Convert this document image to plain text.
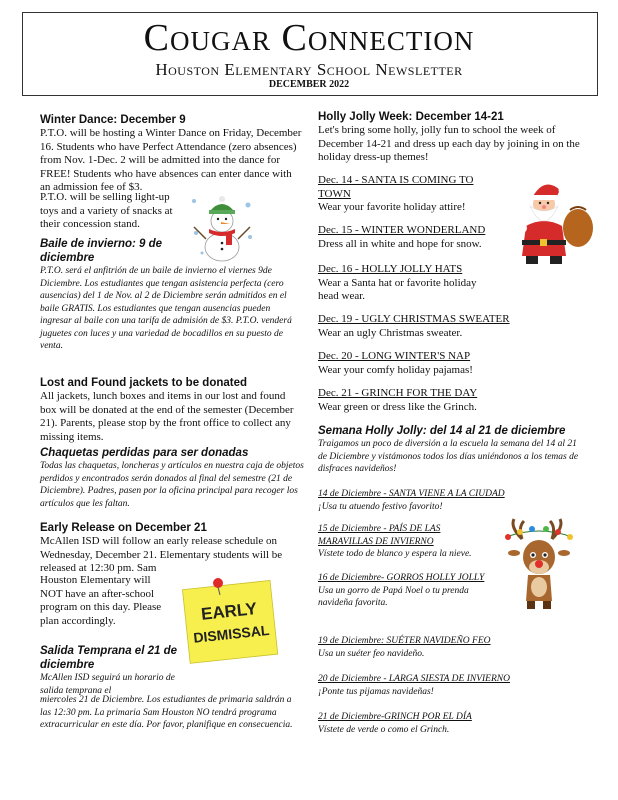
Cougar Connection
Houston Elementary School Newsletter
DECEMBER 2022

Winter Dance: December 9

P.T.O. will be hosting a Winter Dance on Friday, December 16. Students who have Perfect Attendance (zero absences) from Nov. 1-Dec. 2 will be admitted into the dance for FREE! Students who have absences can enter dance with an admission fee of $3.

P.T.O. will be selling light-up toys and a variety of snacks at their concession stand.

Baile de invierno: 9 de diciembre

P.T.O. será el anfitrión de un baile de invierno el viernes 9de Diciembre. Los estudiantes que tengan asistencia perfecta (cero ausencias) del 1 de Nov. al 2 de Diciembre serán admitidos en el baile GRATIS. Los estudiantes que tengan ausencias pueden ingresar al baile con una tarifa de admisión de $3. P.T.O. venderá juguetes con luces y una variedad de bocadillos en su puesto de venta.

Lost and Found jackets to be donated

All jackets, lunch boxes and items in our lost and found box will be donated at the end of the semester (December 21). Parents, please stop by the front office to collect any missing items.

Chaquetas perdidas para ser donadas

Todas las chaquetas, loncheras y artículos en nuestra caja de objetos perdidos y encontrados serán donados al final del semestre (21 de Diciembre). Padres, pasen por la oficina principal para recoger los artículos que les faltan.

Early Release on December 21

McAllen ISD will follow an early release schedule on Wednesday, December 21. Elementary students will be released at 12:30 pm. Sam

Houston Elementary will NOT have an after-school program on this day. Please plan accordingly.

Salida Temprana el 21 de diciembre

McAllen ISD seguirá un horario de salida temprana el

miercoles 21 de Diciembre. Los estudiantes de primaria saldrán a las 12:30 pm. La primaria Sam Houston NO tendrá programa extracurricular en este día. Por favor, planifique en consecuencia.
EARLY
DISMISSAL

Holly Jolly Week: December 14-21

Let's bring some holly, jolly fun to school the week of December 14-21 and dress up each day by joining in on the holiday dress-up themes!

Dec. 14 - SANTA IS COMING TO TOWN

Wear your favorite holiday attire!

Dec. 15 - WINTER WONDERLAND

Dress all in white and hope for snow.

Dec. 16 - HOLLY JOLLY HATS

Wear a Santa hat or favorite holiday head wear.

Dec. 19 - UGLY CHRISTMAS SWEATER

Wear an ugly Christmas sweater.

Dec. 20 - LONG WINTER'S NAP

Wear your comfy holiday pajamas!

Dec. 21 - GRINCH FOR THE DAY

Wear green or dress like the Grinch.

Semana Holly Jolly: del 14 al 21 de diciembre

Traigamos un poco de diversión a la escuela la semana del 14 al 21 de Diciembre y vistámonos todos los días uniéndonos a los temas de disfraces navideños!

14 de Diciembre - SANTA VIENE A LA CIUDAD

¡Usa tu atuendo festivo favorito!

15 de Diciembre - PAÍS DE LAS MARAVILLAS DE INVIERNO

Vístete todo de blanco y espera la nieve.

16 de Diciembre- GORROS HOLLY JOLLY

Usa un gorro de Papá Noel o tu prenda navideña favorita.

19 de Diciembre: SUÉTER NAVIDEÑO FEO

Usa un suéter feo navideño.

20 de Diciembre - LARGA SIESTA DE INVIERNO

¡Ponte tus pijamas navideñas!

21 de Diciembre-GRINCH POR EL DÍA

Vístete de verde o como el Grinch.
